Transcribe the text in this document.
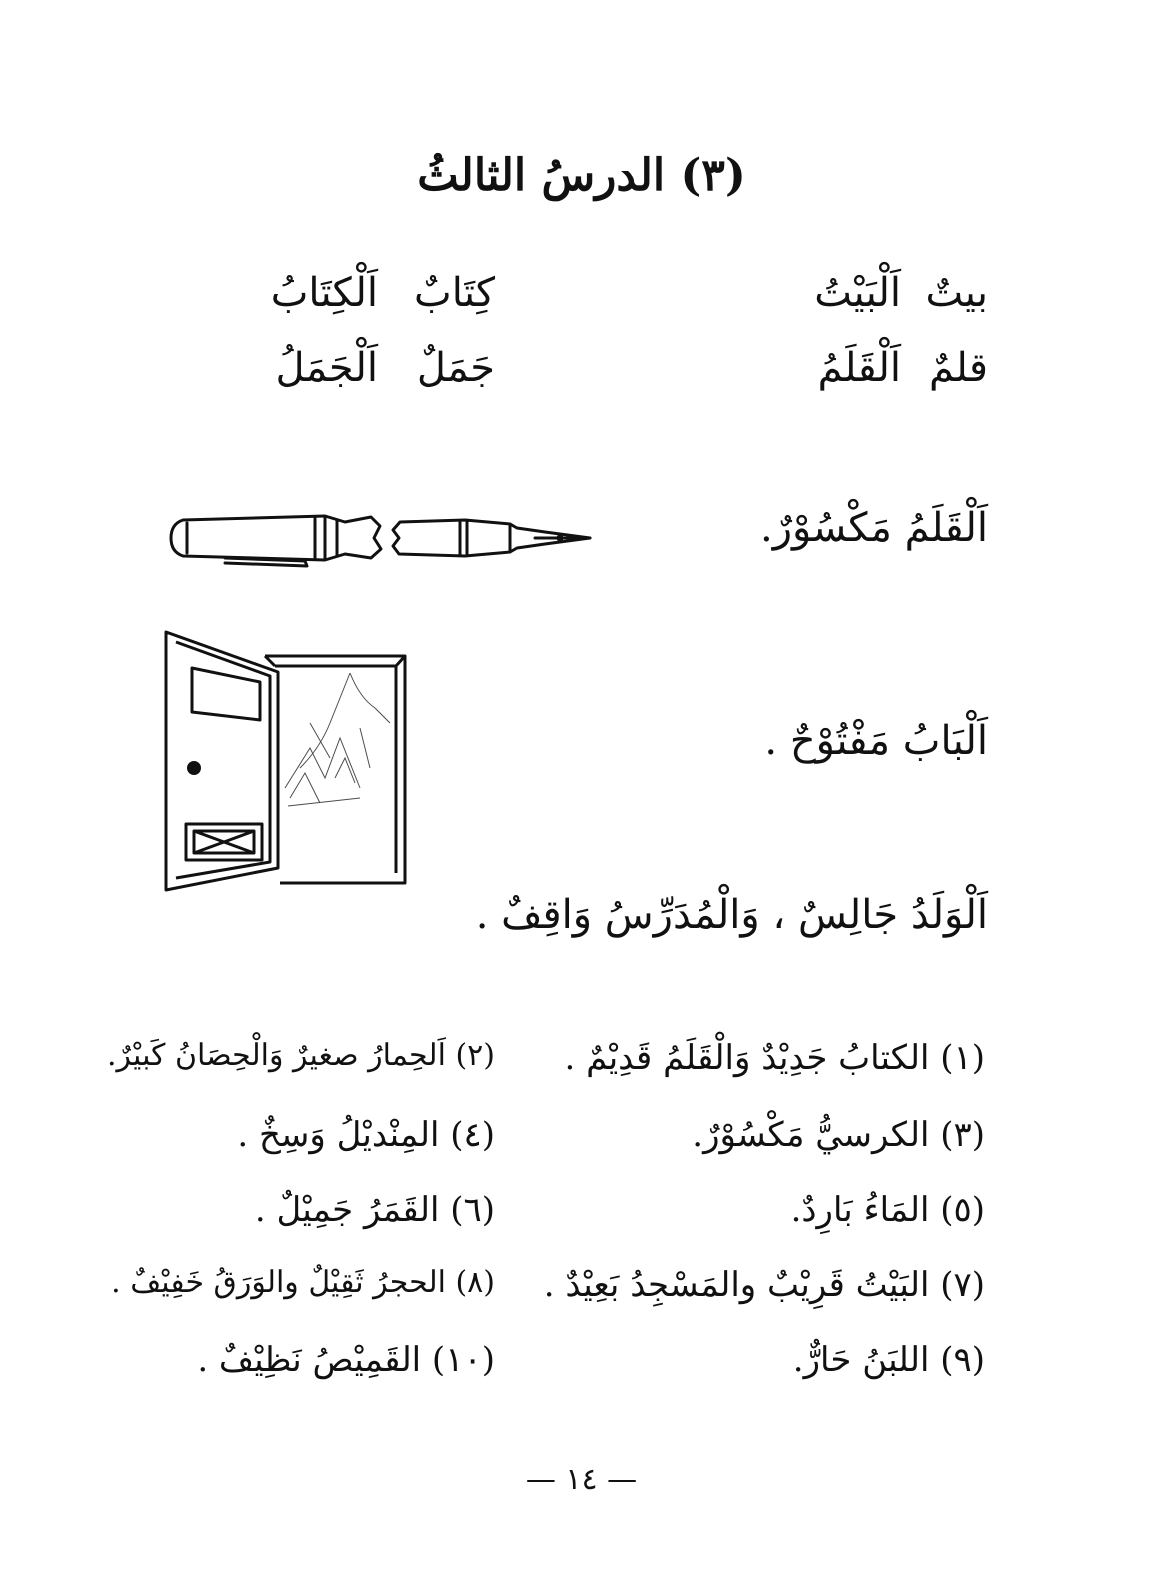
(٣) الدرسُ الثالثُ
بيتٌ
اَلْبَيْتُ
كِتَابٌ
اَلْكِتَابُ
قلمٌ
اَلْقَلَمُ
جَمَلٌ
اَلْجَمَلُ
اَلْقَلَمُ مَكْسُوْرٌ.
اَلْبَابُ مَفْتُوْحٌ .
اَلْوَلَدُ جَالِسٌ ، وَالْمُدَرِّسُ وَاقِفٌ .
(١) الكتابُ جَدِيْدٌ وَالْقَلَمُ قَدِيْمٌ .
(٣) الكرسيُّ مَكْسُوْرٌ.
(٥) المَاءُ بَارِدٌ.
(٧) البَيْتُ قَرِيْبٌ والمَسْجِدُ بَعِيْدٌ .
(٩) اللبَنُ حَارٌّ.
(٢) اَلحِمارُ صغيرٌ وَالْحِصَانُ كَبيْرٌ.
(٤) المِنْديْلُ وَسِخٌ .
(٦) القَمَرُ جَمِيْلٌ .
(٨) الحجرُ ثَقِيْلٌ والوَرَقُ خَفِيْفٌ .
(١٠) القَمِيْصُ نَظِيْفٌ .
— ١٤ —
